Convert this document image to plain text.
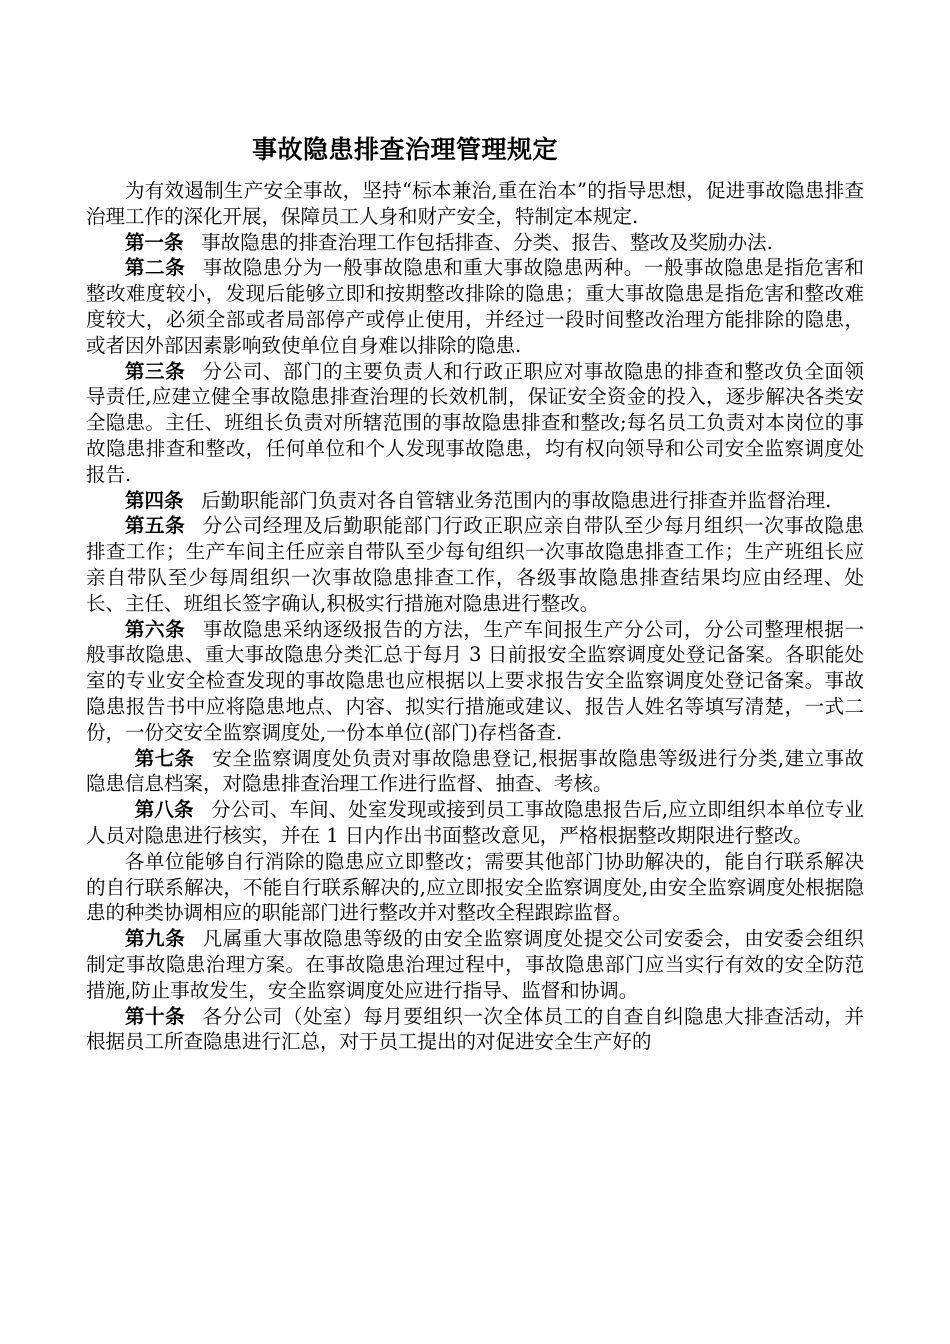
事故隐患排查治理管理规定

为有效遏制生产安全事故，坚持“标本兼治,重在治本”的指导思想，促进事故隐患排查治理工作的深化开展，保障员工人身和财产安全，特制定本规定.

第一条 事故隐患的排查治理工作包括排查、分类、报告、整改及奖励办法.

第二条 事故隐患分为一般事故隐患和重大事故隐患两种。一般事故隐患是指危害和整改难度较小，发现后能够立即和按期整改排除的隐患；重大事故隐患是指危害和整改难度较大，必须全部或者局部停产或停止使用，并经过一段时间整改治理方能排除的隐患，或者因外部因素影响致使单位自身难以排除的隐患.

第三条 分公司、部门的主要负责人和行政正职应对事故隐患的排查和整改负全面领导责任,应建立健全事故隐患排查治理的长效机制，保证安全资金的投入，逐步解决各类安全隐患。主任、班组长负责对所辖范围的事故隐患排查和整改;每名员工负责对本岗位的事故隐患排查和整改，任何单位和个人发现事故隐患，均有权向领导和公司安全监察调度处报告.

第四条 后勤职能部门负责对各自管辖业务范围内的事故隐患进行排查并监督治理.

第五条 分公司经理及后勤职能部门行政正职应亲自带队至少每月组织一次事故隐患排查工作；生产车间主任应亲自带队至少每旬组织一次事故隐患排查工作；生产班组长应亲自带队至少每周组织一次事故隐患排查工作，各级事故隐患排查结果均应由经理、处长、主任、班组长签字确认,积极实行措施对隐患进行整改。

第六条 事故隐患采纳逐级报告的方法，生产车间报生产分公司，分公司整理根据一般事故隐患、重大事故隐患分类汇总于每月 3 日前报安全监察调度处登记备案。各职能处室的专业安全检查发现的事故隐患也应根据以上要求报告安全监察调度处登记备案。事故隐患报告书中应将隐患地点、内容、拟实行措施或建议、报告人姓名等填写清楚，一式二份，一份交安全监察调度处,一份本单位(部门)存档备查.

第七条 安全监察调度处负责对事故隐患登记,根据事故隐患等级进行分类,建立事故隐患信息档案，对隐患排查治理工作进行监督、抽查、考核。

第八条 分公司、车间、处室发现或接到员工事故隐患报告后,应立即组织本单位专业人员对隐患进行核实，并在 1 日内作出书面整改意见，严格根据整改期限进行整改。

各单位能够自行消除的隐患应立即整改；需要其他部门协助解决的，能自行联系解决的自行联系解决，不能自行联系解决的,应立即报安全监察调度处,由安全监察调度处根据隐患的种类协调相应的职能部门进行整改并对整改全程跟踪监督。

第九条 凡属重大事故隐患等级的由安全监察调度处提交公司安委会，由安委会组织制定事故隐患治理方案。在事故隐患治理过程中，事故隐患部门应当实行有效的安全防范措施,防止事故发生，安全监察调度处应进行指导、监督和协调。

第十条 各分公司（处室）每月要组织一次全体员工的自查自纠隐患大排查活动，并根据员工所查隐患进行汇总，对于员工提出的对促进安全生产好的
